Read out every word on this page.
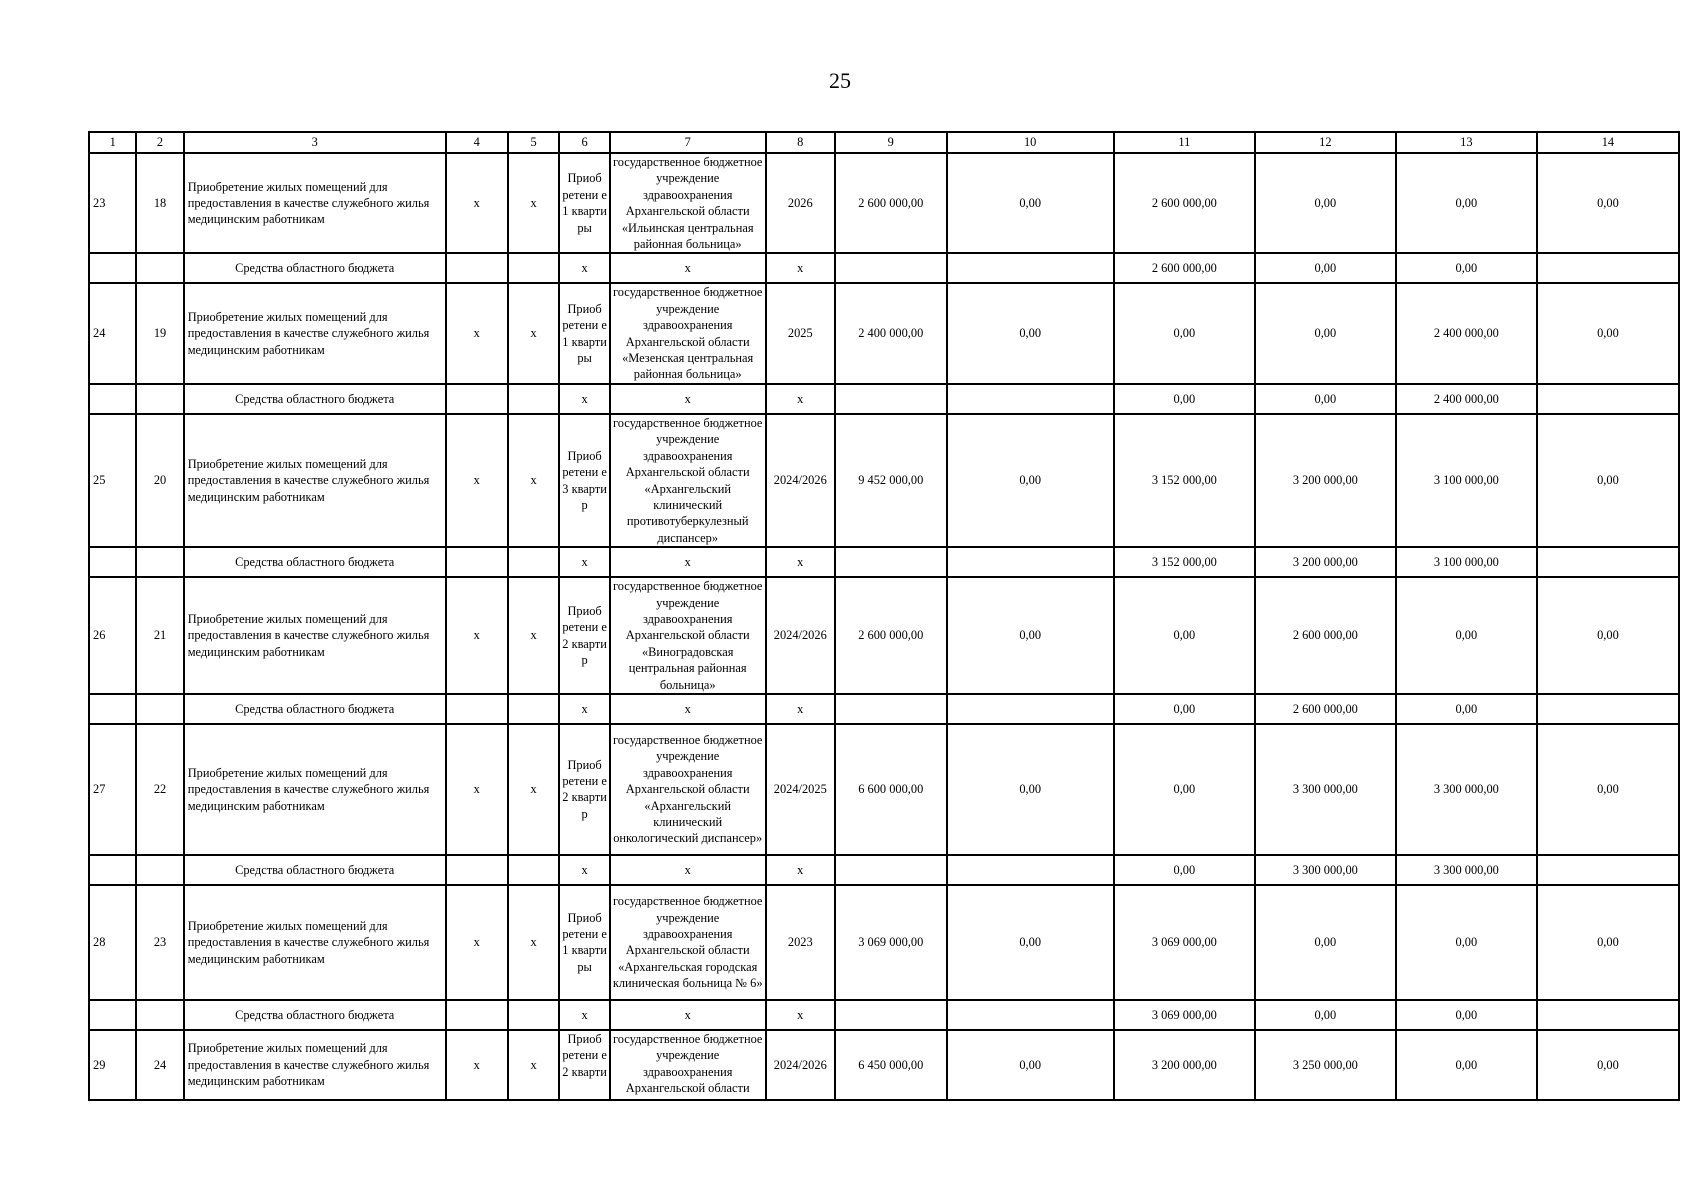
25
1	2	3	4	5	6	7	8	9	10	11	12	13	14
23	18	Приобретение жилых помещений для предоставления в качестве служебного жилья медицинским работникам	х	х	Приоб ретени е 1 кварти ры	государственное бюджетное учреждение здравоохранения Архангельской области «Ильинская центральная районная больница»	2026	2 600 000,00	0,00	2 600 000,00	0,00	0,00	0,00
		Средства областного бюджета			х	х	х			2 600 000,00	0,00	0,00	
24	19	Приобретение жилых помещений для предоставления в качестве служебного жилья медицинским работникам	х	х	Приоб ретени е 1 кварти ры	государственное бюджетное учреждение здравоохранения Архангельской области «Мезенская центральная районная больница»	2025	2 400 000,00	0,00	0,00	0,00	2 400 000,00	0,00
		Средства областного бюджета			х	х	х			0,00	0,00	2 400 000,00	
25	20	Приобретение жилых помещений для предоставления в качестве служебного жилья медицинским работникам	х	х	Приоб ретени е 3 кварти р	государственное бюджетное учреждение здравоохранения Архангельской области «Архангельский клинический противотуберкулезный диспансер»	2024/2026	9 452 000,00	0,00	3 152 000,00	3 200 000,00	3 100 000,00	0,00
		Средства областного бюджета			х	х	х			3 152 000,00	3 200 000,00	3 100 000,00	
26	21	Приобретение жилых помещений для предоставления в качестве служебного жилья медицинским работникам	х	х	Приоб ретени е 2 кварти р	государственное бюджетное учреждение здравоохранения Архангельской области «Виноградовская центральная районная больница»	2024/2026	2 600 000,00	0,00	0,00	2 600 000,00	0,00	0,00
		Средства областного бюджета			х	х	х			0,00	2 600 000,00	0,00	
27	22	Приобретение жилых помещений для предоставления в качестве служебного жилья медицинским работникам	х	х	Приоб ретени е 2 кварти р	государственное бюджетное учреждение здравоохранения Архангельской области «Архангельский клинический онкологический диспансер»	2024/2025	6 600 000,00	0,00	0,00	3 300 000,00	3 300 000,00	0,00
		Средства областного бюджета			х	х	х			0,00	3 300 000,00	3 300 000,00	
28	23	Приобретение жилых помещений для предоставления в качестве служебного жилья медицинским работникам	х	х	Приоб ретени е 1 кварти ры	государственное бюджетное учреждение здравоохранения Архангельской области «Архангельская городская клиническая больница № 6»	2023	3 069 000,00	0,00	3 069 000,00	0,00	0,00	0,00
		Средства областного бюджета			х	х	х			3 069 000,00	0,00	0,00	
29	24	Приобретение жилых помещений для предоставления в качестве служебного жилья медицинским работникам	х	х	Приоб ретени е 2 кварти	государственное бюджетное учреждение здравоохранения Архангельской области	2024/2026	6 450 000,00	0,00	3 200 000,00	3 250 000,00	0,00	0,00
